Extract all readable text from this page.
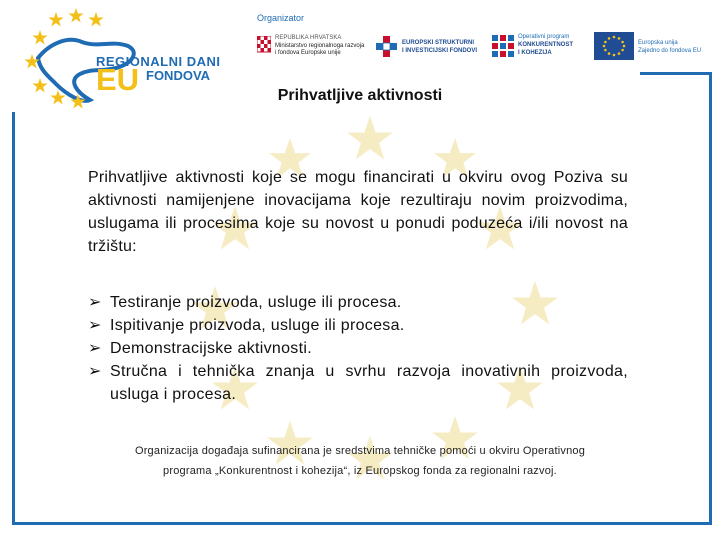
REGIONALNI DANI
EU FONDOVA
Organizator
REPUBLIKA HRVATSKA
Ministarstvo regionalnoga razvoja
i fondova Europske unije
EUROPSKI STRUKTURNI
I INVESTICIJSKI FONDOVI
Operativni program
KONKURENTNOST
I KOHEZIJA
Europska unija
Zajedno do fondova EU
Prihvatljive aktivnosti
Prihvatljive aktivnosti koje se mogu financirati u okviru ovog Poziva su aktivnosti namijenjene inovacijama koje rezultiraju novim proizvodima, uslugama ili procesima koje su novost u ponudi poduzeća i/ili novost na tržištu:
➢ Testiranje proizvoda, usluge ili procesa.
➢ Ispitivanje proizvoda, usluge ili procesa.
➢ Demonstracijske aktivnosti.
➢ Stručna i tehnička znanja u svrhu razvoja inovativnih proizvoda, usluga i procesa.
Organizacija događaja sufinancirana je sredstvima tehničke pomoći u okviru Operativnog
programa „Konkurentnost i kohezija“, iz Europskog fonda za regionalni razvoj.
